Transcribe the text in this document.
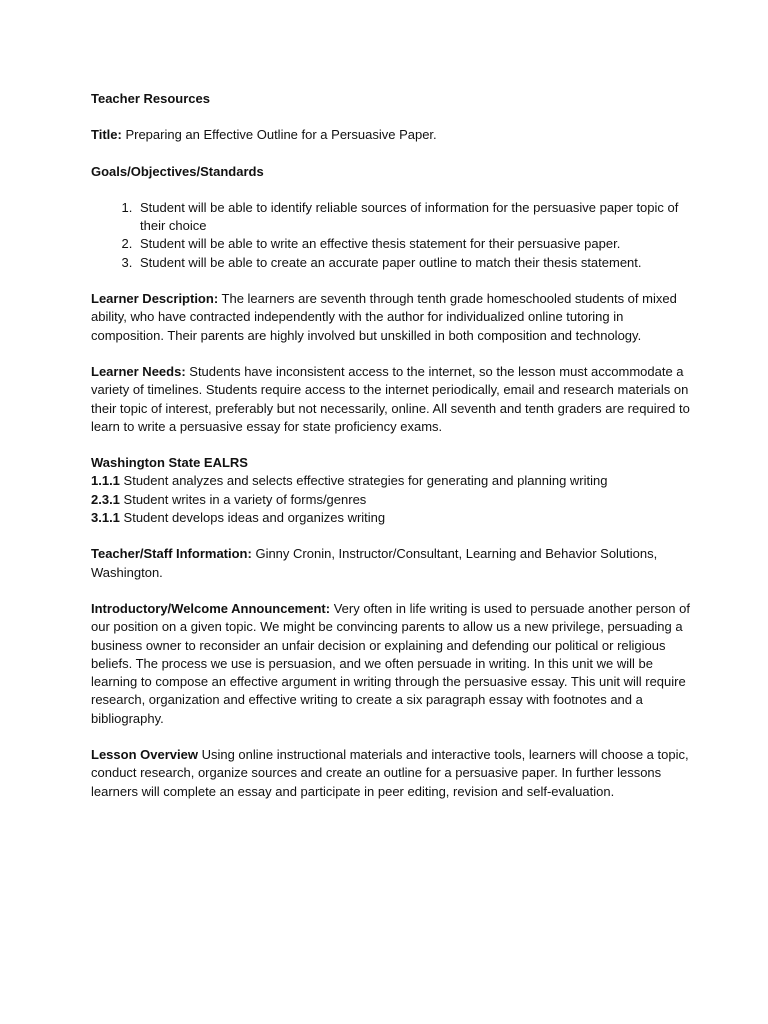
Teacher Resources

Title: Preparing an Effective Outline for a Persuasive Paper.

Goals/Objectives/Standards

1. Student will be able to identify reliable sources of information for the persuasive paper topic of their choice
2. Student will be able to write an effective thesis statement for their persuasive paper.
3. Student will be able to create an accurate paper outline to match their thesis statement.

Learner Description: The learners are seventh through tenth grade homeschooled students of mixed ability, who have contracted independently with the author for individualized online tutoring in composition. Their parents are highly involved but unskilled in both composition and technology.

Learner Needs: Students have inconsistent access to the internet, so the lesson must accommodate a variety of timelines. Students require access to the internet periodically, email and research materials on their topic of interest, preferably but not necessarily, online. All seventh and tenth graders are required to learn to write a persuasive essay for state proficiency exams.

Washington State EALRS
1.1.1 Student analyzes and selects effective strategies for generating and planning writing
2.3.1 Student writes in a variety of forms/genres
3.1.1 Student develops ideas and organizes writing

Teacher/Staff Information: Ginny Cronin, Instructor/Consultant, Learning and Behavior Solutions, Washington.

Introductory/Welcome Announcement: Very often in life writing is used to persuade another person of our position on a given topic. We might be convincing parents to allow us a new privilege, persuading a business owner to reconsider an unfair decision or explaining and defending our political or religious beliefs. The process we use is persuasion, and we often persuade in writing. In this unit we will be learning to compose an effective argument in writing through the persuasive essay. This unit will require research, organization and effective writing to create a six paragraph essay with footnotes and a bibliography.

Lesson Overview Using online instructional materials and interactive tools, learners will choose a topic, conduct research, organize sources and create an outline for a persuasive paper. In further lessons learners will complete an essay and participate in peer editing, revision and self-evaluation.
